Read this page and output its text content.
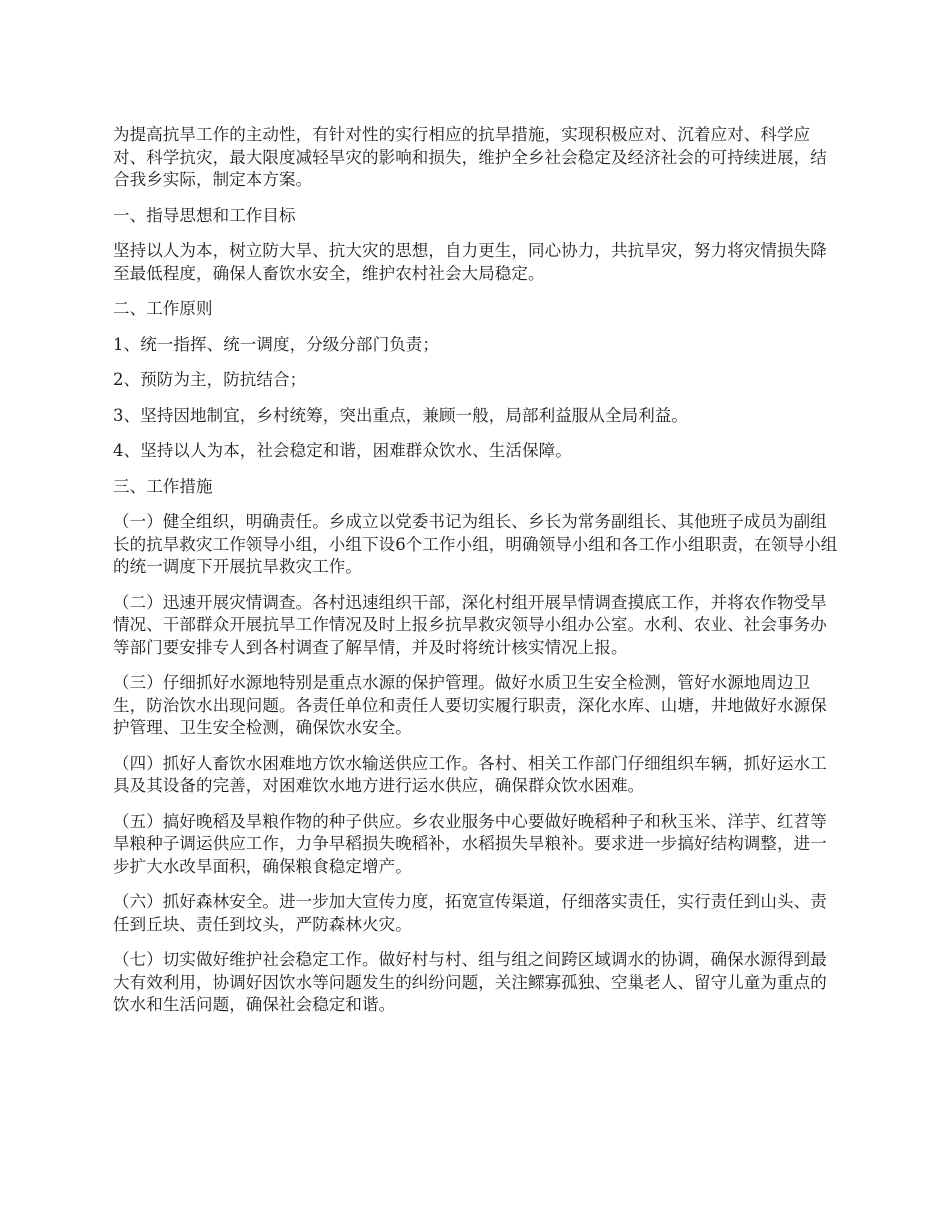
为提高抗旱工作的主动性，有针对性的实行相应的抗旱措施，实现积极应对、沉着应对、科学应对、科学抗灾，最大限度减轻旱灾的影响和损失，维护全乡社会稳定及经济社会的可持续进展，结合我乡实际，制定本方案。

一、指导思想和工作目标

坚持以人为本，树立防大旱、抗大灾的思想，自力更生，同心协力，共抗旱灾，努力将灾情损失降至最低程度，确保人畜饮水安全，维护农村社会大局稳定。

二、工作原则

1、统一指挥、统一调度，分级分部门负责；

2、预防为主，防抗结合；

3、坚持因地制宜，乡村统筹，突出重点，兼顾一般，局部利益服从全局利益。

4、坚持以人为本，社会稳定和谐，困难群众饮水、生活保障。

三、工作措施

（一）健全组织，明确责任。乡成立以党委书记为组长、乡长为常务副组长、其他班子成员为副组长的抗旱救灾工作领导小组，小组下设6个工作小组，明确领导小组和各工作小组职责，在领导小组的统一调度下开展抗旱救灾工作。

（二）迅速开展灾情调查。各村迅速组织干部，深化村组开展旱情调查摸底工作，并将农作物受旱情况、干部群众开展抗旱工作情况及时上报乡抗旱救灾领导小组办公室。水利、农业、社会事务办等部门要安排专人到各村调查了解旱情，并及时将统计核实情况上报。

（三）仔细抓好水源地特别是重点水源的保护管理。做好水质卫生安全检测，管好水源地周边卫生，防治饮水出现问题。各责任单位和责任人要切实履行职责，深化水库、山塘，井地做好水源保护管理、卫生安全检测，确保饮水安全。

（四）抓好人畜饮水困难地方饮水输送供应工作。各村、相关工作部门仔细组织车辆，抓好运水工具及其设备的完善，对困难饮水地方进行运水供应，确保群众饮水困难。

（五）搞好晚稻及旱粮作物的种子供应。乡农业服务中心要做好晚稻种子和秋玉米、洋芋、红苕等旱粮种子调运供应工作，力争早稻损失晚稻补，水稻损失旱粮补。要求进一步搞好结构调整，进一步扩大水改旱面积，确保粮食稳定增产。

（六）抓好森林安全。进一步加大宣传力度，拓宽宣传渠道，仔细落实责任，实行责任到山头、责任到丘块、责任到坟头，严防森林火灾。

（七）切实做好维护社会稳定工作。做好村与村、组与组之间跨区域调水的协调，确保水源得到最大有效利用，协调好因饮水等问题发生的纠纷问题，关注鳏寡孤独、空巢老人、留守儿童为重点的饮水和生活问题，确保社会稳定和谐。
